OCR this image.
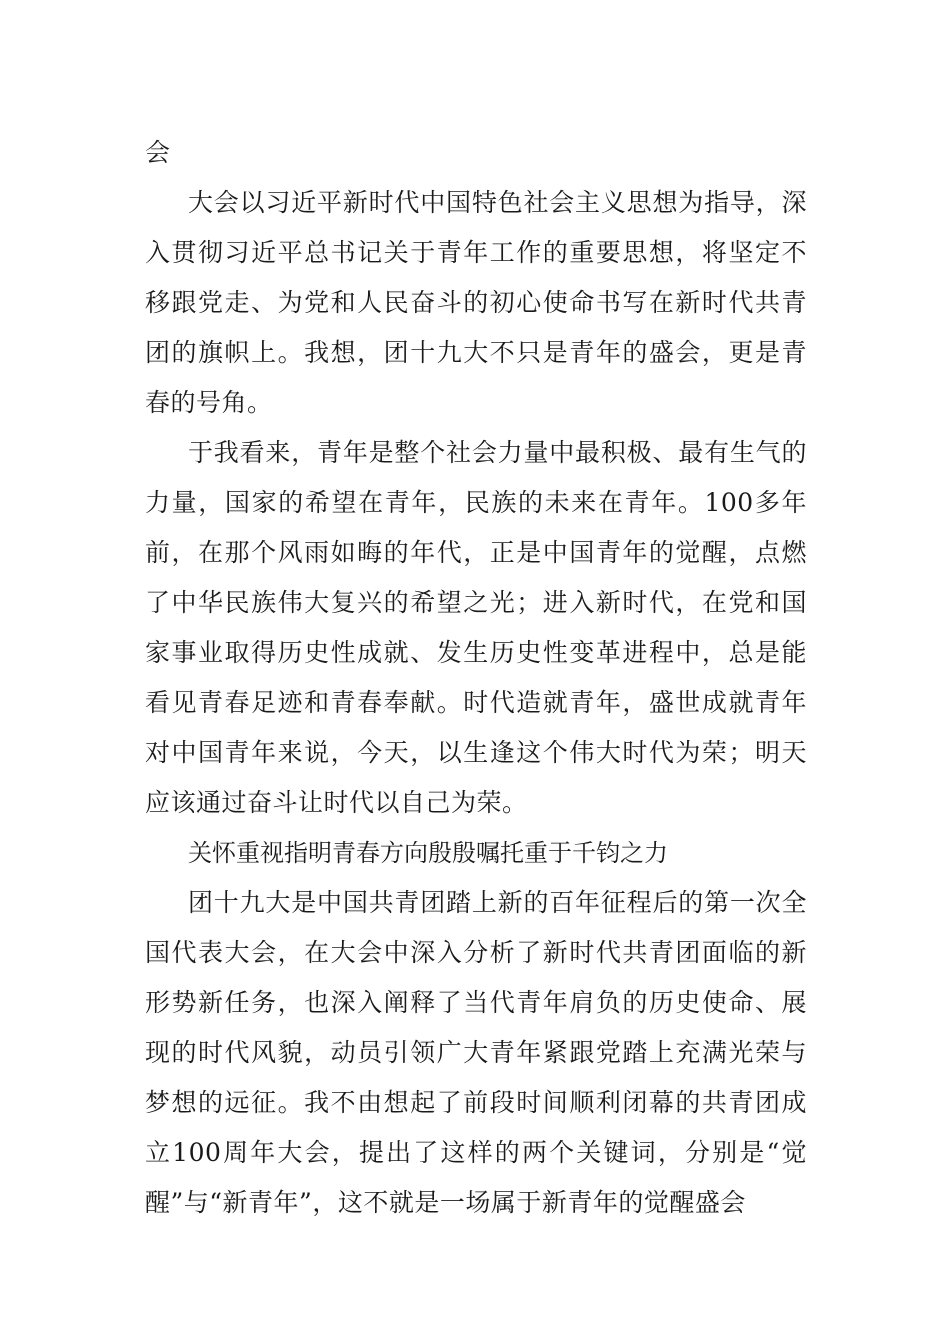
会

大会以习近平新时代中国特色社会主义思想为指导，深入贯彻习近平总书记关于青年工作的重要思想，将坚定不移跟党走、为党和人民奋斗的初心使命书写在新时代共青团的旗帜上。我想，团十九大不只是青年的盛会，更是青春的号角。

于我看来，青年是整个社会力量中最积极、最有生气的力量，国家的希望在青年，民族的未来在青年。100多年前，在那个风雨如晦的年代，正是中国青年的觉醒，点燃了中华民族伟大复兴的希望之光；进入新时代，在党和国家事业取得历史性成就、发生历史性变革进程中，总是能看见青春足迹和青春奉献。时代造就青年，盛世成就青年对中国青年来说，今天，以生逢这个伟大时代为荣；明天应该通过奋斗让时代以自己为荣。

关怀重视指明青春方向殷殷嘱托重于千钧之力

团十九大是中国共青团踏上新的百年征程后的第一次全国代表大会，在大会中深入分析了新时代共青团面临的新形势新任务，也深入阐释了当代青年肩负的历史使命、展现的时代风貌，动员引领广大青年紧跟党踏上充满光荣与梦想的远征。我不由想起了前段时间顺利闭幕的共青团成立100周年大会，提出了这样的两个关键词，分别是“觉醒”与“新青年”，这不就是一场属于新青年的觉醒盛会
